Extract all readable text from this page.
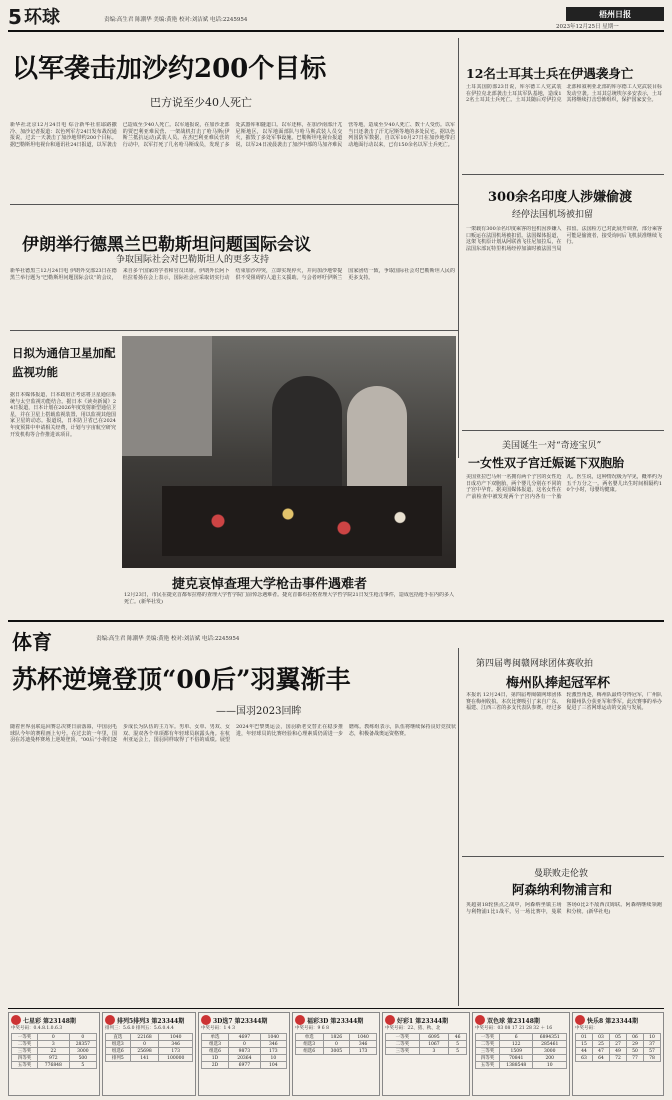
5 环球	责编:高生君 陈潮华 美编:黄艳 校对:刘洁斌 电话:2245954
梧州日报
2023年12月25日 星期一
以军袭击加沙约200个目标
巴方说至少40人死亡
新华社北京12月24日电 综合新华社驻耶路撒冷、加沙记者报道：以色列军方24日发布战况通报说，过去一天袭击了加沙地带约200个目标。据巴勒斯坦电视台和通讯社24日报道，以军袭击已造成至少40人死亡。以军通报说，在加沙北部的贾巴利亚难民营、一架战机打击了哈马斯(伊斯兰抵抗运动)武装人员。在杰巴利亚难民营的行动中，以军打死了几名哈马斯成员，发现了多处武器库和隧道口。以军还称，在加沙南部汗尤尼斯地区，以军地面部队与哈马斯武装人员交火，摧毁了多处军事设施。巴勒斯坦电视台报道说，以军24日凌晨袭击了加沙中部的马加齐难民营等地，造成至少40人死亡、数十人受伤。以军当日还袭击了汗尤尼斯等地的多处民宅。据以色列国防军数据，自以军10月27日在加沙地带启动地面行动以来，已有150余名以军士兵死亡。
12名士耳其士兵在伊遇袭身亡
土耳其国防部23日说，库尔德工人党武装在伊拉克北部袭击土耳其军队基地，造成12名土耳其士兵死亡。土耳其随后对伊拉克北部和叙利亚北部的库尔德工人党武装目标发动空袭。土耳其总统埃尔多安表示，土耳其将继续打击恐怖组织，保护国家安全。
300余名印度人涉嫌偷渡
经停法国机场被扣留
一架载有300余名印度乘客的包机因涉嫌人口贩运在法国机场被扣留。法国媒体报道，这架飞机原计划从阿联酋飞往尼加拉瓜，在法国东部瓦特里机场经停加油时被法国当局扣留。法国检方已对此展开调查，部分乘客可能是偷渡者，接受询问后飞机获准继续飞行。
伊朗举行德黑兰巴勒斯坦问题国际会议
争取国际社会对巴勒斯坦人的更多支持
新华社德黑兰12月24日电 伊朗外交部23日在德黑兰举行题为“巴勒斯坦问题国际会议”的会议，来自多个国家的学者和官员出席。伊朗外长阿卜杜拉希扬在会上表示，国际社会应采取切实行动结束加沙冲突，立即实现停火，并向加沙地带提供不受阻碍的人道主义援助。与会者呼吁伊斯兰国家团结一致，争取国际社会对巴勒斯坦人民的更多支持。
日拟为通信卫星加配监视功能
据日本媒体报道，日本政府正考虑将卫星通信系统与太空监视功能结合。据日本《读卖新闻》24日报道，日本计划在2026年度发射新型通信卫星，并在卫星上搭载监视装置，用以监视其他国家卫星的动态。报道说，日本防卫省已在2024年度预算中申请相关经费，计划与宇宙航空研究开发机构等合作推进该项目。
捷克哀悼查理大学枪击事件遇难者
12月23日，市民在捷克首都布拉格的查理大学哲学院门前悼念遇难者。捷克首都布拉格查理大学哲学院21日发生枪击事件，造成包括枪手在内的多人死亡。(新华社发)
美国诞生一对“奇迹宝贝”
一女性双子宫迁娠诞下双胞胎
美国亚拉巴马州一名拥有两个子宫的女性近日成功产下双胞胎，两个婴儿分别在不同的子宫中孕育。据美国媒体报道，这名女性在产前检查中被发现两个子宫内各有一个胎儿。医生说，这种情况极为罕见，概率约为五千万分之一。两名婴儿出生时间相隔约10个小时，母婴均健康。
体育	责编:高生君 陈潮华 美编:黄艳 校对:刘洁斌 电话:2245954
苏杯逆境登顶“00后”羽翼渐丰
——国羽2023回眸
随着世界羽联巡回赛总决赛日前落幕，中国羽毛球队今年的赛程画上句号。在过去的一年里，国羽在苏迪曼杯赛场上逆境登顶，“00后”小将们逐步成长为队伍的主力军。男单、女单、男双、女双、混双各个单项都有年轻球员崭露头角。在杭州亚运会上，国羽同样取得了不俗的成绩。展望2024年巴黎奥运会，国羽新老交替正在稳步推进，年轻球员的比赛经验和心理素质仍需进一步磨练。教练组表示，队伍将继续保持良好竞技状态，积极备战奥运资格赛。
第四届粤闽赣网球团体赛收拍
梅州队捧起冠军杯
本报讯 12月24日，第四届粤闽赣网球团体赛在梅州收拍。本次比赛吸引了来自广东、福建、江西三省的多支代表队参赛。经过多轮激烈角逐，梅州队最终夺得冠军，广州队和赣州队分获亚军和季军。此次赛事的举办促进了三省网球运动的交流与发展。
曼联败走伦敦
阿森纳利物浦言和
英超第18轮焦点之战中，阿森纳坐镇主场与利物浦1比1战平。另一场比赛中，曼联客场0比2不敌西汉姆联。阿森纳继续领跑积分榜。(新华社电)
七星彩 第23148期
中奖号码：0.4.8.1.0.6.3
一等奖	0	0
二等奖	3	28357
三等奖	22	3000
四等奖	972	500
五等奖	776848	5
排列5排列3 第23344期
排列三：5.6.0 排列五：5.6.0.4.4
直选	22168	1040
组选3	0	346
组选6	25698	173
排列5	141	100000
3D选7 第23344期
中奖号码：1 4 3
单选	4697	1040
组选3	0	346
组选6	9873	173
1D	20364	10
2D	6977	104
福彩3D 第23344期
中奖号码：9 6 8
单选	1826	1040
组选3	0	346
组选6	3005	173
好彩1 第23344期
中奖号码：22、猪、秋、北
一等奖	6095	46
二等奖	1067	5
三等奖	3	5
双色球 第23148期
中奖号码：03 08 17 21 28 32 ＋ 16
一等奖	6	6894351
二等奖	122	285461
三等奖	1509	3000
四等奖	70841	200
五等奖	1388548	10
快乐8 第23344期
中奖号码：
01	03	05	06	10
15	25	27	29	37
44	47	49	50	57
63	64	72	77	78
